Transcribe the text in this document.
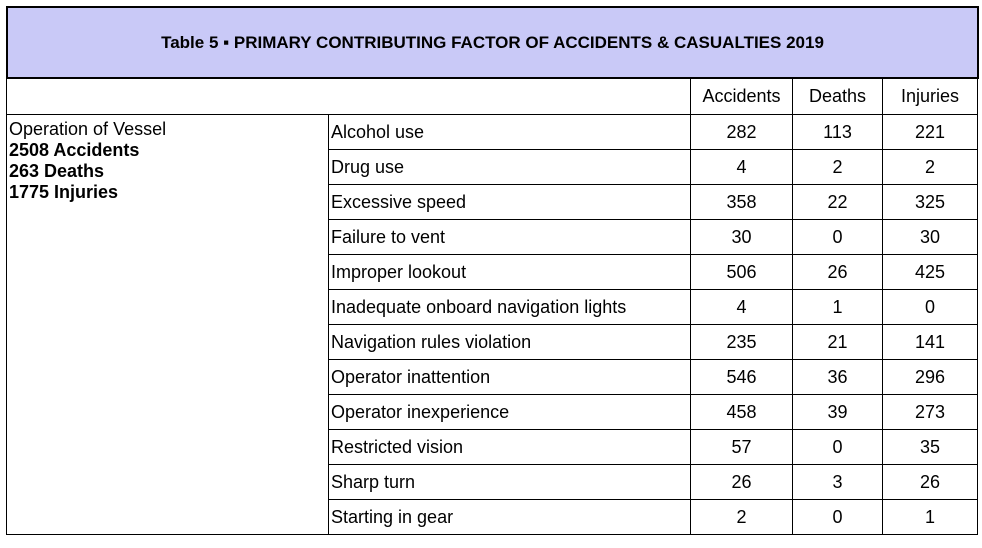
Table 5 ▪ PRIMARY CONTRIBUTING FACTOR OF ACCIDENTS & CASUALTIES 2019
		Accidents	Deaths	Injuries

Operation of Vessel
2508 Accidents
263 Deaths
1775 Injuries	Alcohol use	282	113	221
	Drug use	4	2	2
	Excessive speed	358	22	325
	Failure to vent	30	0	30
	Improper lookout	506	26	425
	Inadequate onboard navigation lights	4	1	0
	Navigation rules violation	235	21	141
	Operator inattention	546	36	296
	Operator inexperience	458	39	273
	Restricted vision	57	0	35
	Sharp turn	26	3	26
	Starting in gear	2	0	1
